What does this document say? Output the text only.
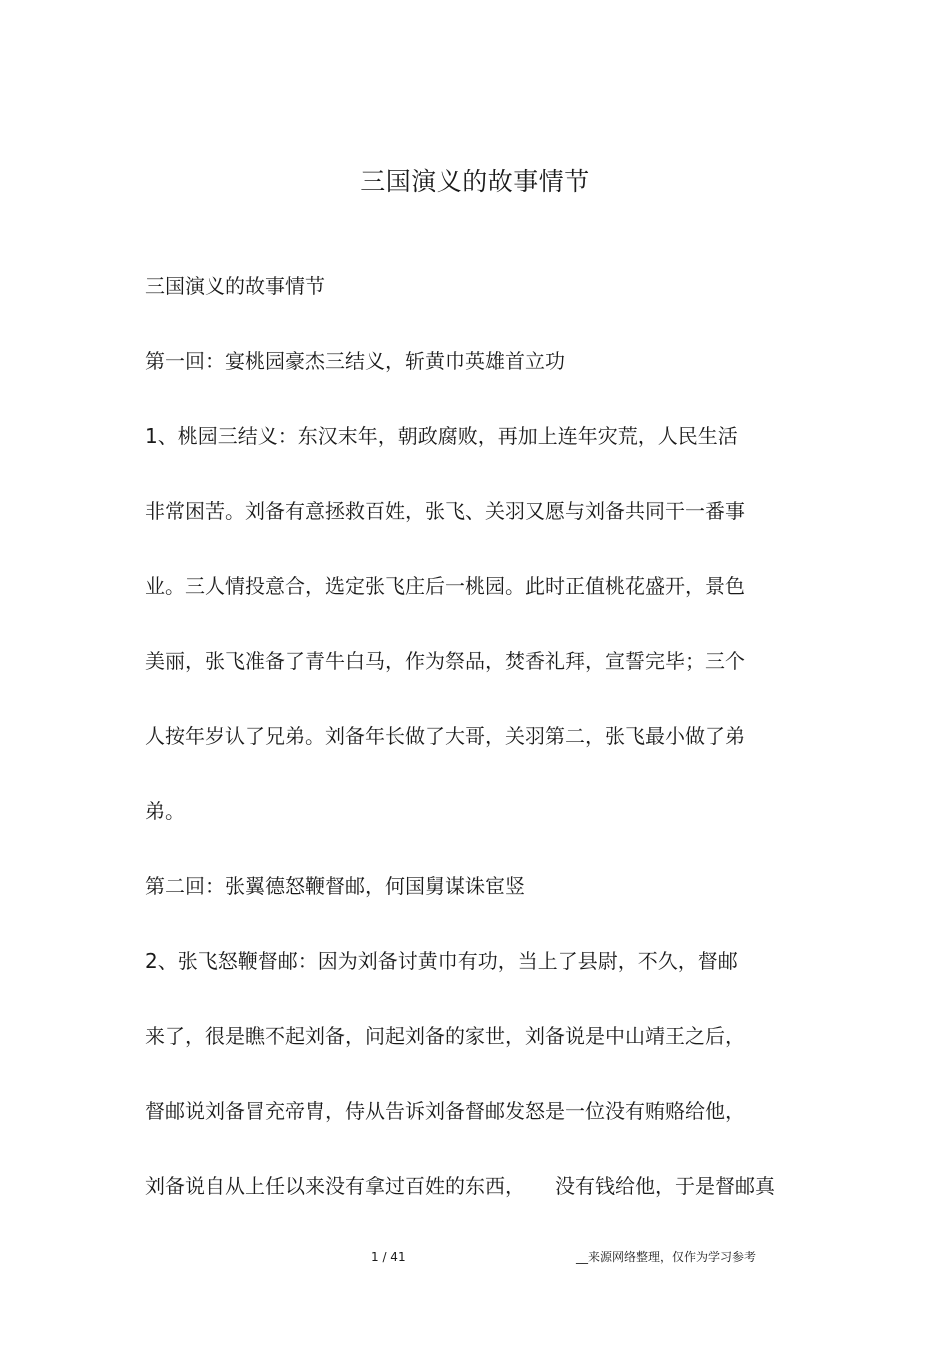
三国演义的故事情节
三国演义的故事情节
第一回：宴桃园豪杰三结义，斩黄巾英雄首立功
1、桃园三结义：东汉末年，朝政腐败，再加上连年灾荒，人民生活
非常困苦。刘备有意拯救百姓，张飞、关羽又愿与刘备共同干一番事
业。三人情投意合，选定张飞庄后一桃园。此时正值桃花盛开，景色
美丽，张飞准备了青牛白马，作为祭品，焚香礼拜，宣誓完毕；三个
人按年岁认了兄弟。刘备年长做了大哥，关羽第二，张飞最小做了弟
弟。
第二回：张翼德怒鞭督邮，何国舅谋诛宦竖
2、张飞怒鞭督邮：因为刘备讨黄巾有功，当上了县尉，不久，督邮
来了，很是瞧不起刘备，问起刘备的家世，刘备说是中山靖王之后，
督邮说刘备冒充帝胄，侍从告诉刘备督邮发怒是一位没有贿赂给他，
刘备说自从上任以来没有拿过百姓的东西，　　没有钱给他，于是督邮真
1 / 41	__来源网络整理，仅作为学习参考
